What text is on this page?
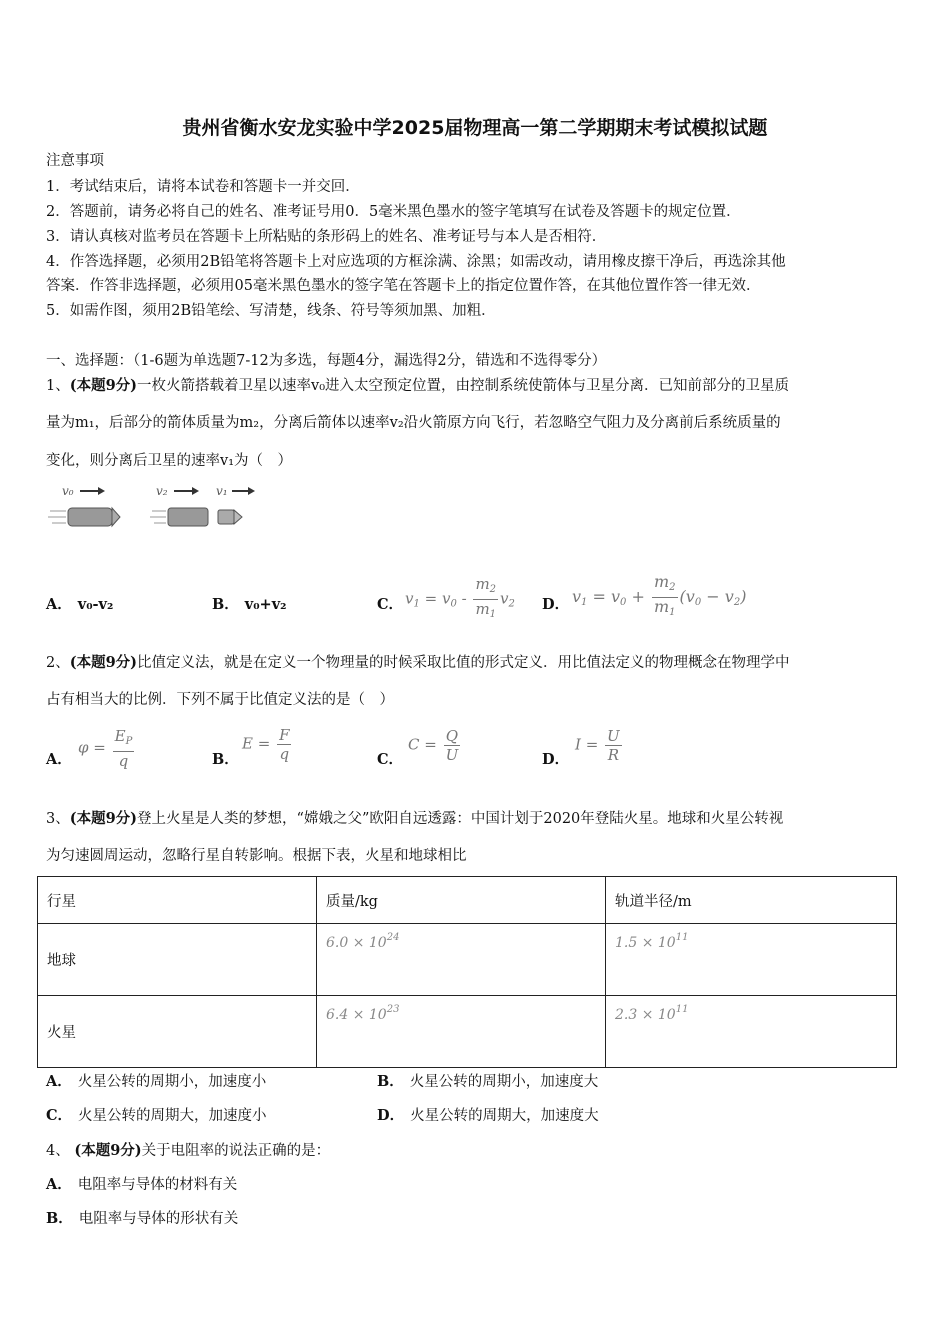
贵州省衡水安龙实验中学2025届物理高一第二学期期末考试模拟试题
注意事项
1．考试结束后，请将本试卷和答题卡一并交回．
2．答题前，请务必将自己的姓名、准考证号用0．5毫米黑色墨水的签字笔填写在试卷及答题卡的规定位置．
3．请认真核对监考员在答题卡上所粘贴的条形码上的姓名、准考证号与本人是否相符．
4．作答选择题，必须用2B铅笔将答题卡上对应选项的方框涂满、涂黑；如需改动，请用橡皮擦干净后，再选涂其他
答案．作答非选择题，必须用05毫米黑色墨水的签字笔在答题卡上的指定位置作答，在其他位置作答一律无效．
5．如需作图，须用2B铅笔绘、写清楚，线条、符号等须加黑、加粗．
一、选择题：（1-6题为单选题7-12为多选，每题4分，漏选得2分，错选和不选得零分）
1、(本题9分)一枚火箭搭载着卫星以速率v₀进入太空预定位置，由控制系统使箭体与卫星分离．已知前部分的卫星质
量为m₁，后部分的箭体质量为m₂，分离后箭体以速率v₂沿火箭原方向飞行，若忽略空气阻力及分离前后系统质量的
变化，则分离后卫星的速率v₁为（　）
v₀	v₂	v₁
A． v₀-v₂	B． v₀+v₂	C． $v_1 = v_0 - \frac{m_2}{m_1} v_2$ D． $v_1 = v_0 + \frac{m_2}{m_1} (v_0 - v_2)$
2、(本题9分)比值定义法，就是在定义一个物理量的时候采取比值的形式定义．用比值法定义的物理概念在物理学中
占有相当大的比例．下列不属于比值定义法的是（　）
A．
$\varphi = \frac{E_P}{q}$	B．
$E = \frac{F}{q}$	C．
$C = \frac{Q}{U}$	D．
$I = \frac{U}{R}$
3、(本题9分)登上火星是人类的梦想，“嫦娥之父”欧阳自远透露：中国计划于2020年登陆火星。地球和火星公转视
为匀速圆周运动，忽略行星自转影响。根据下表，火星和地球相比
行星	质量/kg	轨道半径/m
地球	$6.0 \times 10^{24}$	$1.5 \times 10^{11}$
火星	$6.4 \times 10^{23}$	$2.3 \times 10^{11}$
A． 火星公转的周期小，加速度小	B． 火星公转的周期小，加速度大
C． 火星公转的周期大，加速度小	D． 火星公转的周期大，加速度大
4、 (本题9分)关于电阻率的说法正确的是：
A． 电阻率与导体的材料有关
B． 电阻率与导体的形状有关
